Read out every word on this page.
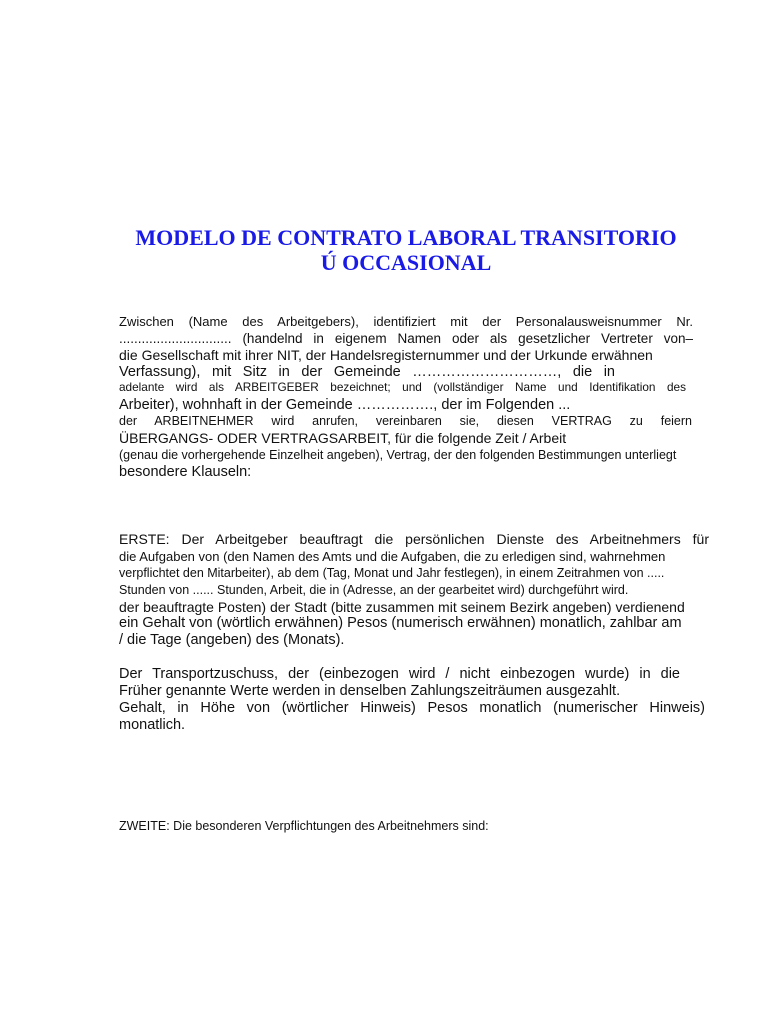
MODELO DE CONTRATO LABORAL TRANSITORIO
Ú OCCASIONAL

Zwischen (Name des Arbeitgebers), identifiziert mit der Personalausweisnummer Nr.

.............................. (handelnd in eigenem Namen oder als gesetzlicher Vertreter von–

die Gesellschaft mit ihrer NIT, der Handelsregisternummer und der Urkunde erwähnen

Verfassung), mit Sitz in der Gemeinde …………………………, die in

adelante wird als ARBEITGEBER bezeichnet; und (vollständiger Name und Identifikation des

Arbeiter), wohnhaft in der Gemeinde ……………., der im Folgenden ...

der ARBEITNEHMER wird anrufen, vereinbaren sie, diesen VERTRAG zu feiern

ÜBERGANGS- ODER VERTRAGSARBEIT, für die folgende Zeit / Arbeit

(genau die vorhergehende Einzelheit angeben), Vertrag, der den folgenden Bestimmungen unterliegt

besondere Klauseln:

ERSTE: Der Arbeitgeber beauftragt die persönlichen Dienste des Arbeitnehmers für

die Aufgaben von (den Namen des Amts und die Aufgaben, die zu erledigen sind, wahrnehmen

verpflichtet den Mitarbeiter), ab dem (Tag, Monat und Jahr festlegen), in einem Zeitrahmen von .....

Stunden von ...... Stunden, Arbeit, die in (Adresse, an der gearbeitet wird) durchgeführt wird.

der beauftragte Posten) der Stadt (bitte zusammen mit seinem Bezirk angeben) verdienend

ein Gehalt von (wörtlich erwähnen) Pesos (numerisch erwähnen) monatlich, zahlbar am

/ die Tage (angeben) des (Monats).

Der Transportzuschuss, der (einbezogen wird / nicht einbezogen wurde) in die

Früher genannte Werte werden in denselben Zahlungszeiträumen ausgezahlt.

Gehalt, in Höhe von (wörtlicher Hinweis) Pesos monatlich (numerischer Hinweis)

monatlich.

ZWEITE: Die besonderen Verpflichtungen des Arbeitnehmers sind:
